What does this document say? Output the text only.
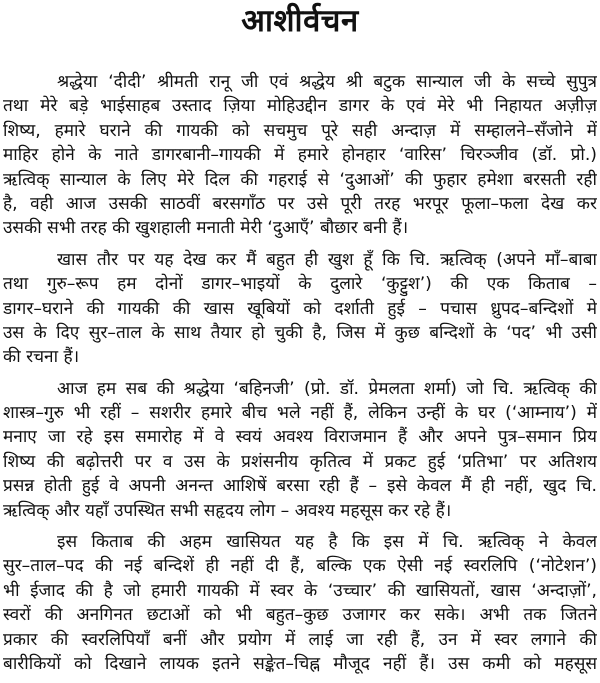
आशीर्वचन
श्रद्धेया ‘दीदी’ श्रीमती रानू जी एवं श्रद्धेय श्री बटुक सान्याल जी के सच्चे सुपुत्र
तथा मेरे बड़े भाईसाहब उस्ताद ज़िया मोहिउद्दीन डागर के एवं मेरे भी निहायत अज़ीज़
शिष्य, हमारे घराने की गायकी को सचमुच पूरे सही अन्दाज़ में सम्हालने–सँजोने में
माहिर होने के नाते डागरबानी–गायकी में हमारे होनहार ‘वारिस’ चिरञ्जीव (डॉ. प्रो.)
ऋत्विक् सान्याल के लिए मेरे दिल की गहराई से ‘दुआओं’ की फुहार हमेशा बरसती रही
है, वही आज उसकी साठवीं बरसगाँठ पर उसे पूरी तरह भरपूर फूला–फला देख कर
उसकी सभी तरह की खुशहाली मनाती मेरी ‘दुआएँ’ बौछार बनी हैं।
खास तौर पर यह देख कर मैं बहुत ही खुश हूँ कि चि. ऋत्विक् (अपने माँ–बाबा
तथा गुरु–रूप हम दोनों डागर–भाइयों के दुलारे ‘कुट्टुश’) की एक किताब –
डागर–घराने की गायकी की खास खूबियों को दर्शाती हुई – पचास ध्रुपद–बन्दिशों मे
उस के दिए सुर–ताल के साथ तैयार हो चुकी है, जिस में कुछ बन्दिशों के ‘पद’ भी उसी
की रचना हैं।
आज हम सब की श्रद्धेया ‘बहिनजी’ (प्रो. डॉ. प्रेमलता शर्मा) जो चि. ऋत्विक् की
शास्त्र–गुरु भी रहीं – सशरीर हमारे बीच भले नहीं हैं, लेकिन उन्हीं के घर (‘आम्नाय’) में
मनाए जा रहे इस समारोह में वे स्वयं अवश्य विराजमान हैं और अपने पुत्र–समान प्रिय
शिष्य की बढ़ोत्तरी पर व उस के प्रशंसनीय कृतित्व में प्रकट हुई ‘प्रतिभा’ पर अतिशय
प्रसन्न होती हुई वे अपनी अनन्त आशिषें बरसा रही हैं – इसे केवल मैं ही नहीं, खुद चि.
ऋत्विक् और यहाँ उपस्थित सभी सहृदय लोग – अवश्य महसूस कर रहे हैं।
इस किताब की अहम खासियत यह है कि इस में चि. ऋत्विक् ने केवल
सुर–ताल–पद की नई बन्दिशें ही नहीं दी हैं, बल्कि एक ऐसी नई स्वरलिपि (‘नोटेशन’)
भी ईजाद की है जो हमारी गायकी में स्वर के ‘उच्चार’ की खासियतों, खास ‘अन्दाज़ों’,
स्वरों की अनगिनत छटाओं को भी बहुत–कुछ उजागर कर सके। अभी तक जितने
प्रकार की स्वरलिपियाँ बनीं और प्रयोग में लाई जा रही हैं, उन में स्वर लगाने की
बारीकियों को दिखाने लायक इतने सङ्केत–चिह्न मौजूद नहीं हैं। उस कमी को महसूस
